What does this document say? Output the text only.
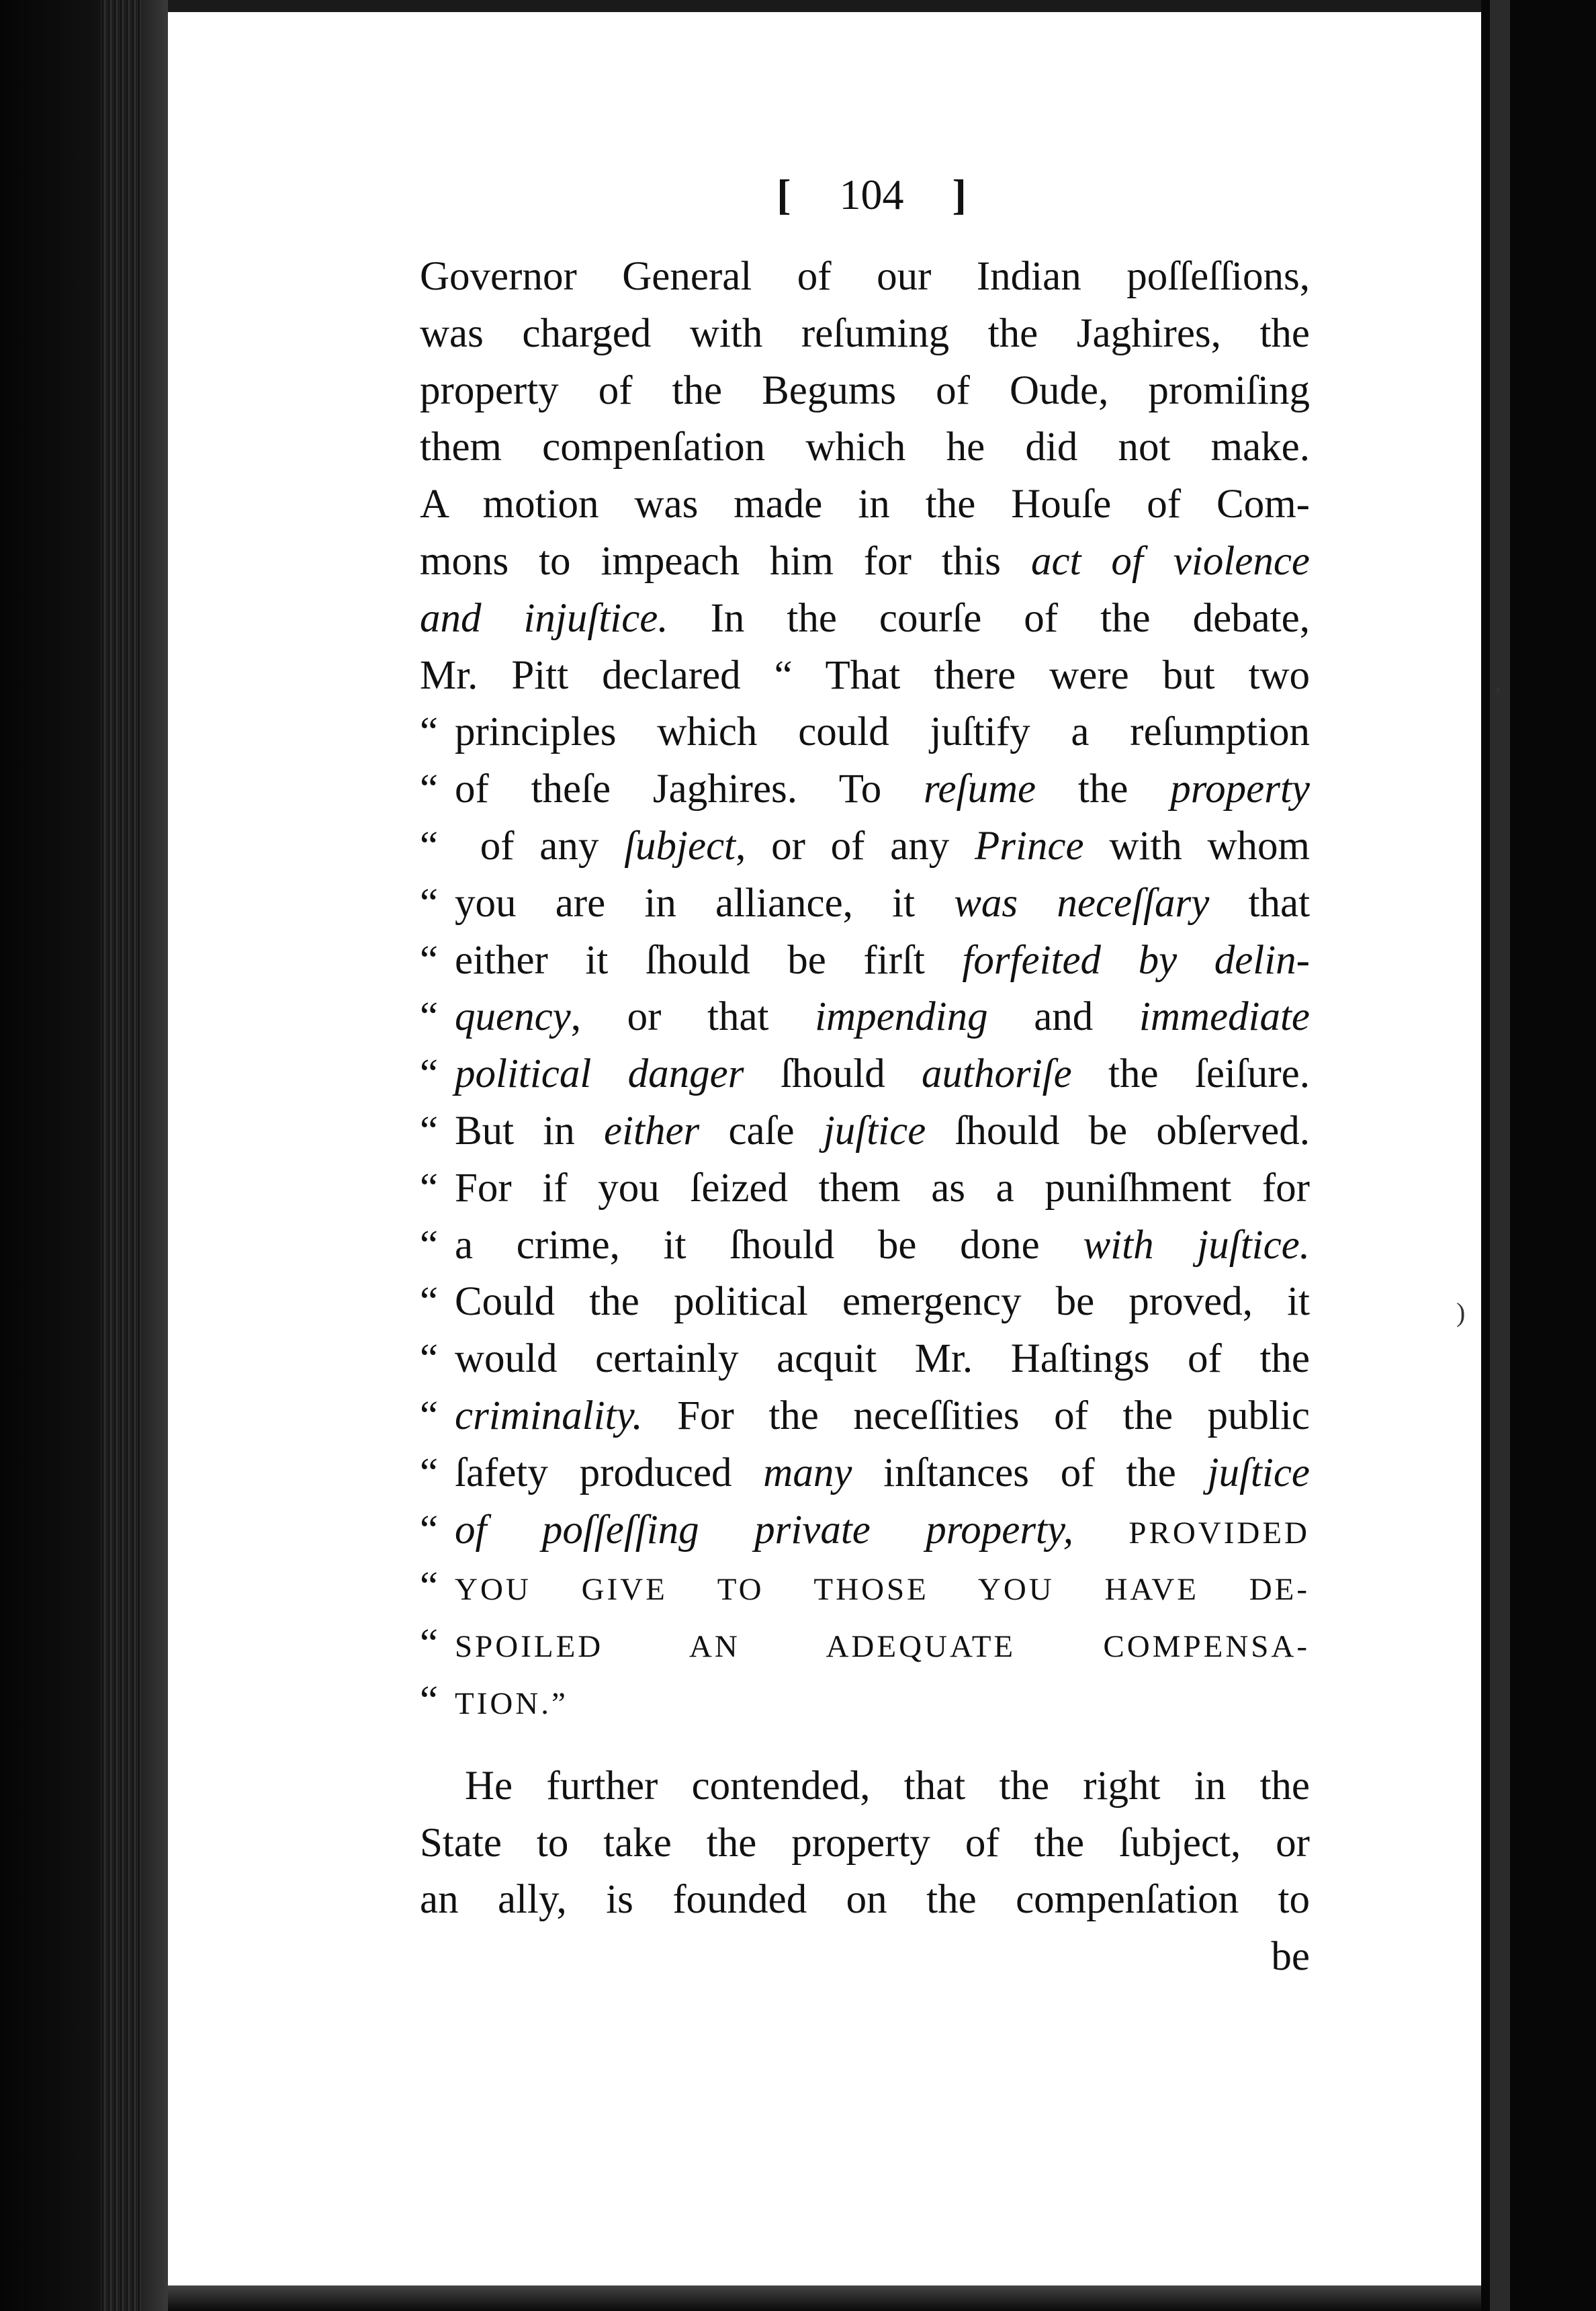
,
)
[ 104 ]
Governor General of our Indian poſſeſſions,
was charged with reſuming the Jaghires, the
property of the Begums of Oude, promiſing
them compenſation which he did not make.
A motion was made in the Houſe of Com-
mons to impeach him for this act of violence
and injuſtice. In the courſe of the debate,
Mr. Pitt declared “ That there were but two
“ principles which could juſtify a reſumption
“ of theſe Jaghires. To reſume the property
“ of any ſubject, or of any Prince with whom
“ you are in alliance, it was neceſſary that
“ either it ſhould be firſt forfeited by delin-
“ quency, or that impending and immediate
“ political danger ſhould authoriſe the ſeiſure.
“ But in either caſe juſtice ſhould be obſerved.
“ For if you ſeized them as a puniſhment for
“ a crime, it ſhould be done with juſtice.
“ Could the political emergency be proved, it
“ would certainly acquit Mr. Haſtings of the
“ criminality. For the neceſſities of the public
“ ſafety produced many inſtances of the juſtice
“ of poſſeſſing private property, PROVIDED
“ YOU GIVE TO THOSE YOU HAVE DE-
“ SPOILED AN ADEQUATE COMPENSA-
“ TION.”
He further contended, that the right in the
State to take the property of the ſubject, or
an ally, is founded on the compenſation to
be
